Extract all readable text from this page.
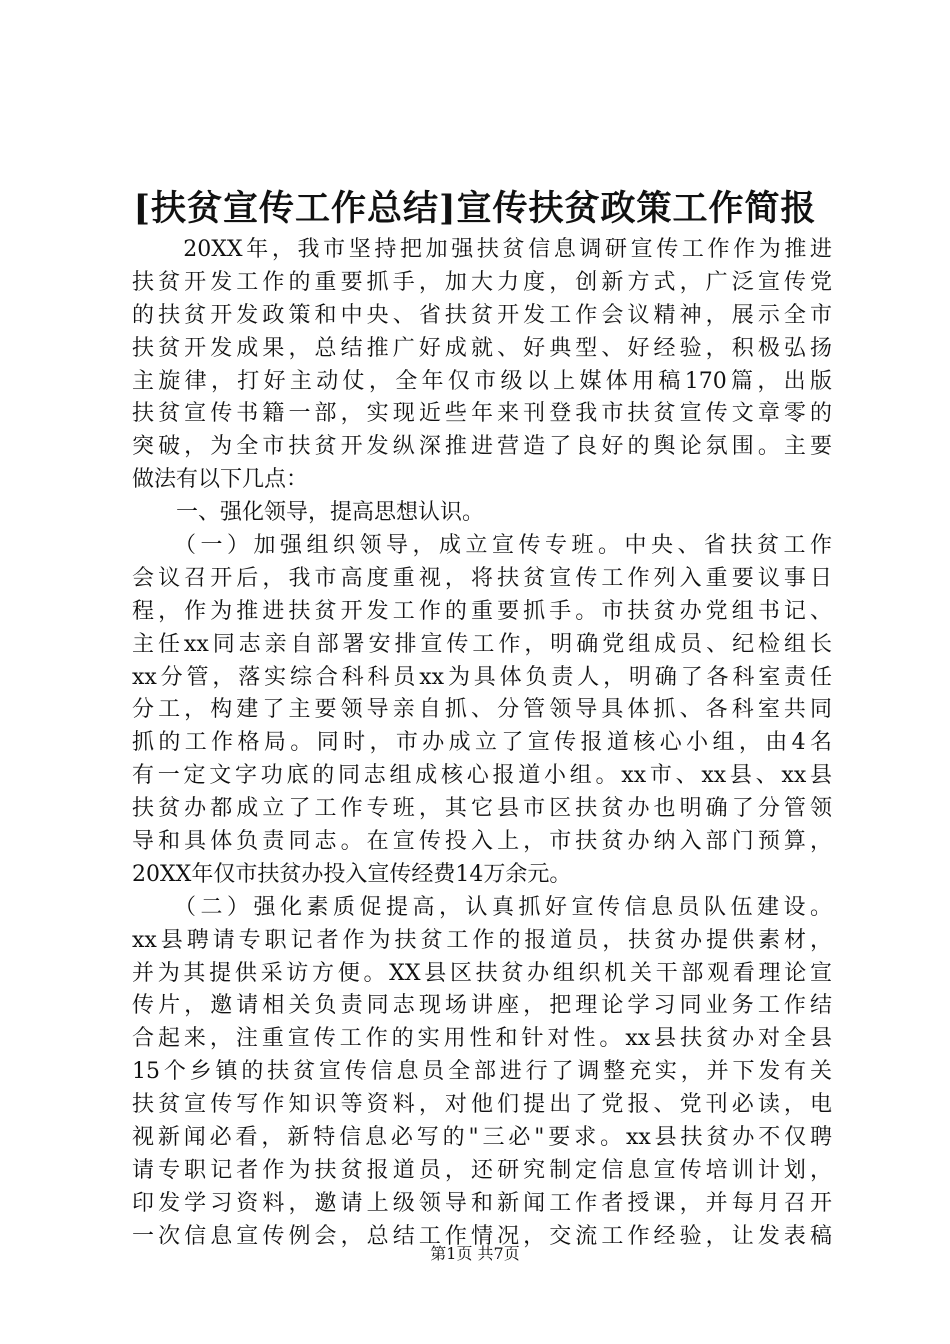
[扶贫宣传工作总结]宣传扶贫政策工作简报
　　20XX年，我市坚持把加强扶贫信息调研宣传工作作为推进
扶贫开发工作的重要抓手，加大力度，创新方式，广泛宣传党
的扶贫开发政策和中央、省扶贫开发工作会议精神，展示全市
扶贫开发成果，总结推广好成就、好典型、好经验，积极弘扬
主旋律，打好主动仗，全年仅市级以上媒体用稿170篇，出版
扶贫宣传书籍一部，实现近些年来刊登我市扶贫宣传文章零的
突破，为全市扶贫开发纵深推进营造了良好的舆论氛围。主要
做法有以下几点：
　　一、强化领导，提高思想认识。
　　（一）加强组织领导，成立宣传专班。中央、省扶贫工作
会议召开后，我市高度重视，将扶贫宣传工作列入重要议事日
程，作为推进扶贫开发工作的重要抓手。市扶贫办党组书记、
主任xx同志亲自部署安排宣传工作，明确党组成员、纪检组长
xx分管，落实综合科科员xx为具体负责人，明确了各科室责任
分工，构建了主要领导亲自抓、分管领导具体抓、各科室共同
抓的工作格局。同时，市办成立了宣传报道核心小组，由4名
有一定文字功底的同志组成核心报道小组。xx市、xx县、xx县
扶贫办都成立了工作专班，其它县市区扶贫办也明确了分管领
导和具体负责同志。在宣传投入上，市扶贫办纳入部门预算，
20XX年仅市扶贫办投入宣传经费14万余元。
　　（二）强化素质促提高，认真抓好宣传信息员队伍建设。
xx县聘请专职记者作为扶贫工作的报道员，扶贫办提供素材，
并为其提供采访方便。XX县区扶贫办组织机关干部观看理论宣
传片，邀请相关负责同志现场讲座，把理论学习同业务工作结
合起来，注重宣传工作的实用性和针对性。xx县扶贫办对全县
15个乡镇的扶贫宣传信息员全部进行了调整充实，并下发有关
扶贫宣传写作知识等资料，对他们提出了党报、党刊必读，电
视新闻必看，新特信息必写的"三必"要求。xx县扶贫办不仅聘
请专职记者作为扶贫报道员，还研究制定信息宣传培训计划，
印发学习资料，邀请上级领导和新闻工作者授课，并每月召开
一次信息宣传例会，总结工作情况，交流工作经验，让发表稿
第1页 共7页
